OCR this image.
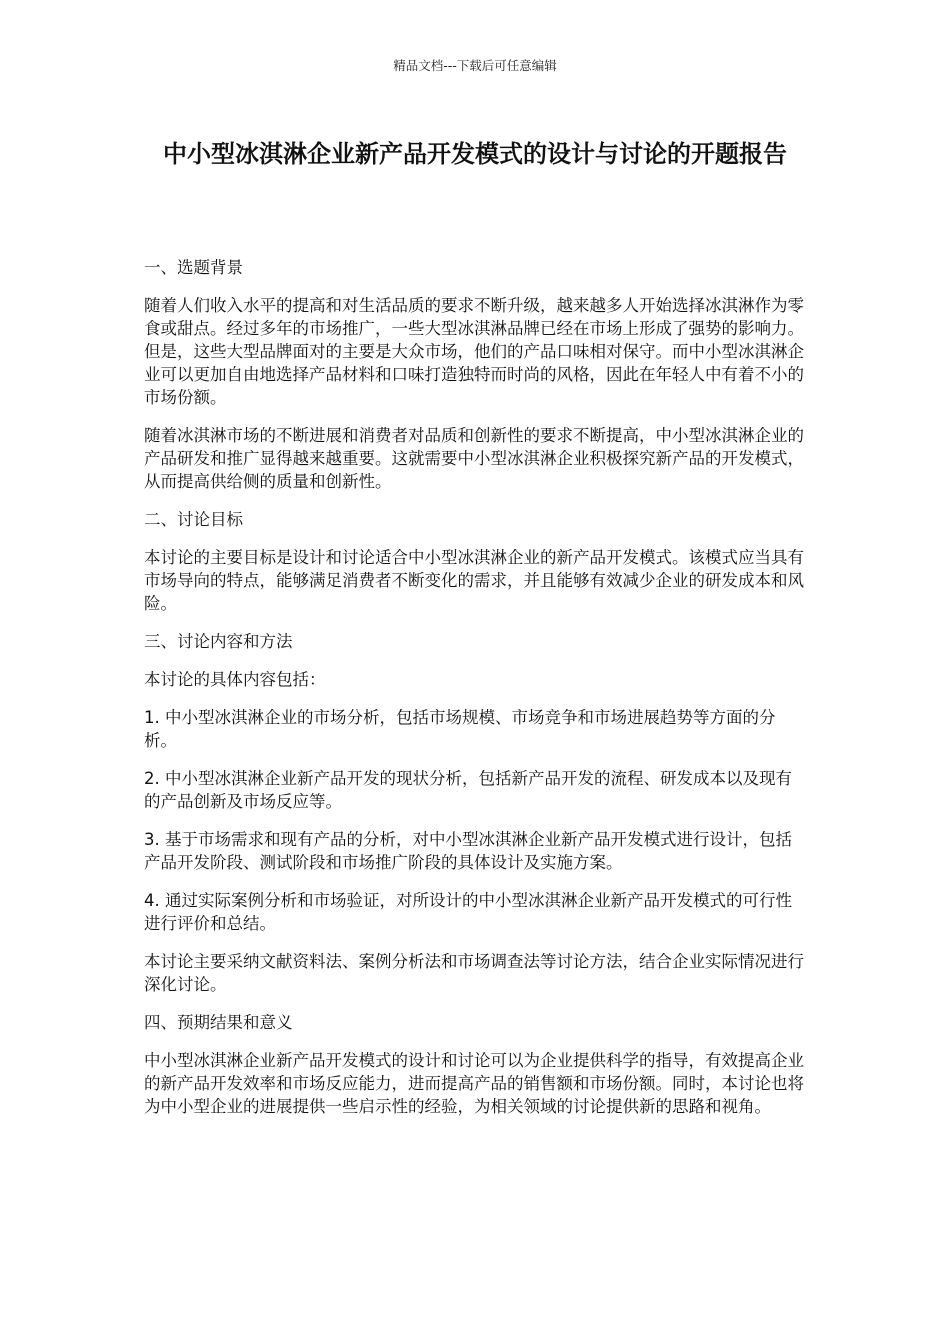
精品文档---下载后可任意编辑
中小型冰淇淋企业新产品开发模式的设计与讨论的开题报告

一、选题背景

随着人们收入水平的提高和对生活品质的要求不断升级，越来越多人开始选择冰淇淋作为零食或甜点。经过多年的市场推广，一些大型冰淇淋品牌已经在市场上形成了强势的影响力。但是，这些大型品牌面对的主要是大众市场，他们的产品口味相对保守。而中小型冰淇淋企业可以更加自由地选择产品材料和口味打造独特而时尚的风格，因此在年轻人中有着不小的市场份额。

随着冰淇淋市场的不断进展和消费者对品质和创新性的要求不断提高，中小型冰淇淋企业的产品研发和推广显得越来越重要。这就需要中小型冰淇淋企业积极探究新产品的开发模式，从而提高供给侧的质量和创新性。

二、讨论目标

本讨论的主要目标是设计和讨论适合中小型冰淇淋企业的新产品开发模式。该模式应当具有市场导向的特点，能够满足消费者不断变化的需求，并且能够有效减少企业的研发成本和风险。

三、讨论内容和方法

本讨论的具体内容包括：

1. 中小型冰淇淋企业的市场分析，包括市场规模、市场竞争和市场进展趋势等方面的分析。

2. 中小型冰淇淋企业新产品开发的现状分析，包括新产品开发的流程、研发成本以及现有的产品创新及市场反应等。

3. 基于市场需求和现有产品的分析，对中小型冰淇淋企业新产品开发模式进行设计，包括产品开发阶段、测试阶段和市场推广阶段的具体设计及实施方案。

4. 通过实际案例分析和市场验证，对所设计的中小型冰淇淋企业新产品开发模式的可行性进行评价和总结。

本讨论主要采纳文献资料法、案例分析法和市场调查法等讨论方法，结合企业实际情况进行深化讨论。

四、预期结果和意义

中小型冰淇淋企业新产品开发模式的设计和讨论可以为企业提供科学的指导，有效提高企业的新产品开发效率和市场反应能力，进而提高产品的销售额和市场份额。同时，本讨论也将为中小型企业的进展提供一些启示性的经验，为相关领域的讨论提供新的思路和视角。
